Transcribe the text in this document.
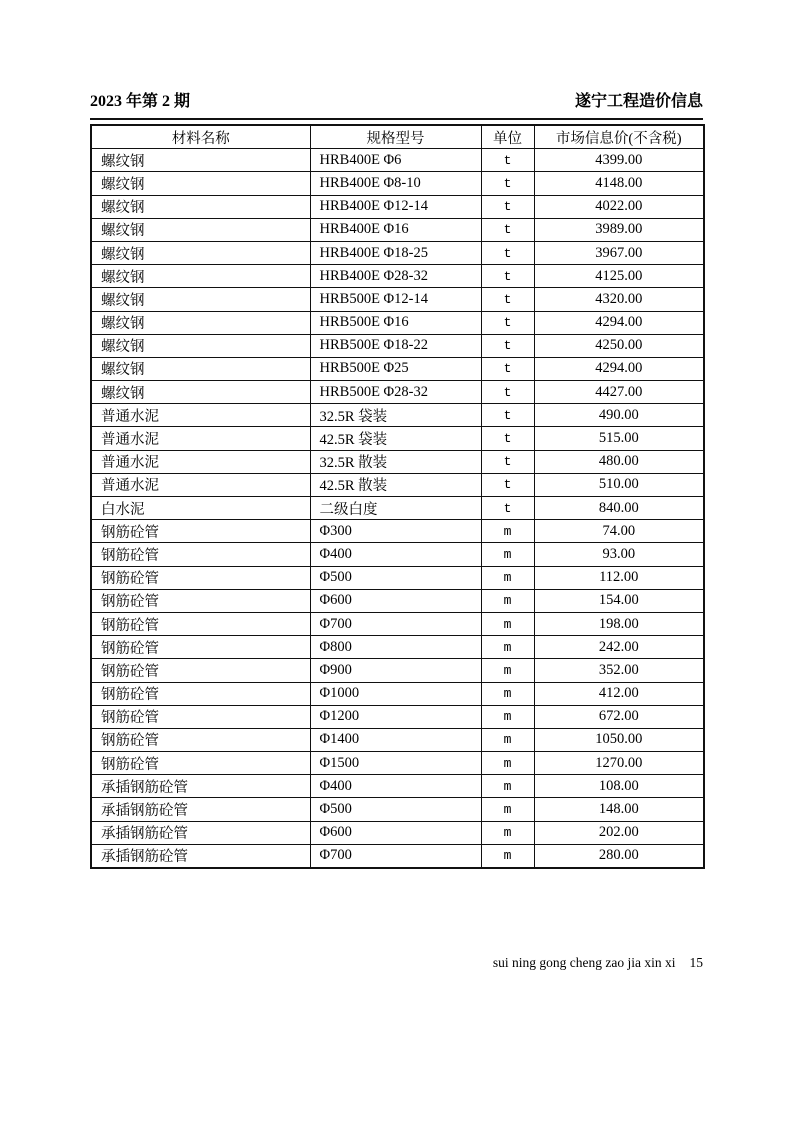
2023 年第 2 期	遂宁工程造价信息
材料名称	规格型号	单位	市场信息价(不含税)
螺纹钢	HRB400E Φ6	t	4399.00
螺纹钢	HRB400E Φ8-10	t	4148.00
螺纹钢	HRB400E Φ12-14	t	4022.00
螺纹钢	HRB400E Φ16	t	3989.00
螺纹钢	HRB400E Φ18-25	t	3967.00
螺纹钢	HRB400E Φ28-32	t	4125.00
螺纹钢	HRB500E Φ12-14	t	4320.00
螺纹钢	HRB500E Φ16	t	4294.00
螺纹钢	HRB500E Φ18-22	t	4250.00
螺纹钢	HRB500E Φ25	t	4294.00
螺纹钢	HRB500E Φ28-32	t	4427.00
普通水泥	32.5R 袋装	t	490.00
普通水泥	42.5R 袋装	t	515.00
普通水泥	32.5R 散装	t	480.00
普通水泥	42.5R 散装	t	510.00
白水泥	二级白度	t	840.00
钢筋砼管	Φ300	m	74.00
钢筋砼管	Φ400	m	93.00
钢筋砼管	Φ500	m	112.00
钢筋砼管	Φ600	m	154.00
钢筋砼管	Φ700	m	198.00
钢筋砼管	Φ800	m	242.00
钢筋砼管	Φ900	m	352.00
钢筋砼管	Φ1000	m	412.00
钢筋砼管	Φ1200	m	672.00
钢筋砼管	Φ1400	m	1050.00
钢筋砼管	Φ1500	m	1270.00
承插钢筋砼管	Φ400	m	108.00
承插钢筋砼管	Φ500	m	148.00
承插钢筋砼管	Φ600	m	202.00
承插钢筋砼管	Φ700	m	280.00
sui ning gong cheng zao jia xin xi 15
